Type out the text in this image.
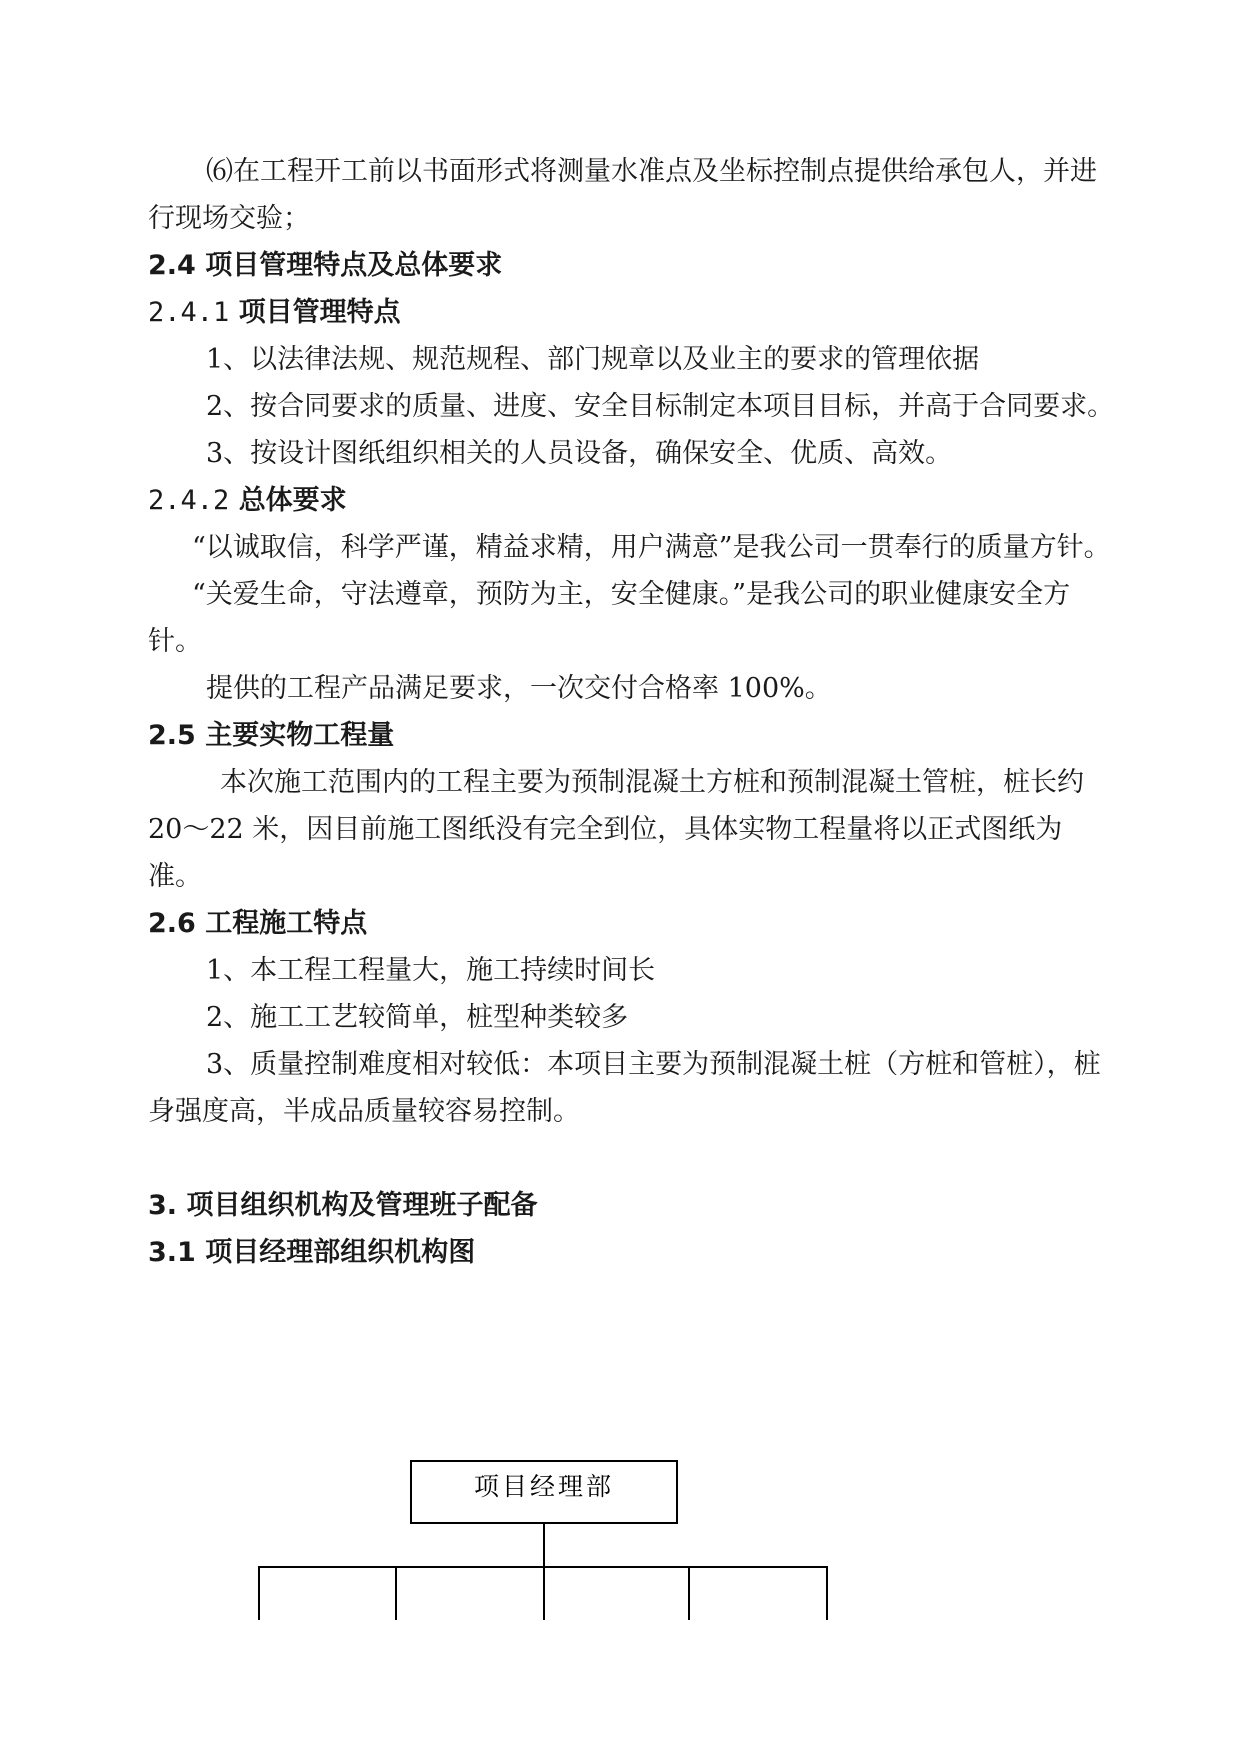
⑹在工程开工前以书面形式将测量水准点及坐标控制点提供给承包人，并进行现场交验；

2.4 项目管理特点及总体要求

2.4.1 项目管理特点

1、以法律法规、规范规程、部门规章以及业主的要求的管理依据

2、按合同要求的质量、进度、安全目标制定本项目目标，并高于合同要求。

3、按设计图纸组织相关的人员设备，确保安全、优质、高效。

2.4.2 总体要求

“以诚取信，科学严谨，精益求精，用户满意”是我公司一贯奉行的质量方针。

“关爱生命，守法遵章，预防为主，安全健康。”是我公司的职业健康安全方针。

提供的工程产品满足要求，一次交付合格率 100%。

2.5 主要实物工程量

本次施工范围内的工程主要为预制混凝土方桩和预制混凝土管桩，桩长约 20～22 米，因目前施工图纸没有完全到位，具体实物工程量将以正式图纸为准。

2.6 工程施工特点

1、本工程工程量大，施工持续时间长

2、施工工艺较简单，桩型种类较多

3、质量控制难度相对较低：本项目主要为预制混凝土桩（方桩和管桩），桩身强度高，半成品质量较容易控制。

3. 项目组织机构及管理班子配备

3.1 项目经理部组织机构图

项目经理部
